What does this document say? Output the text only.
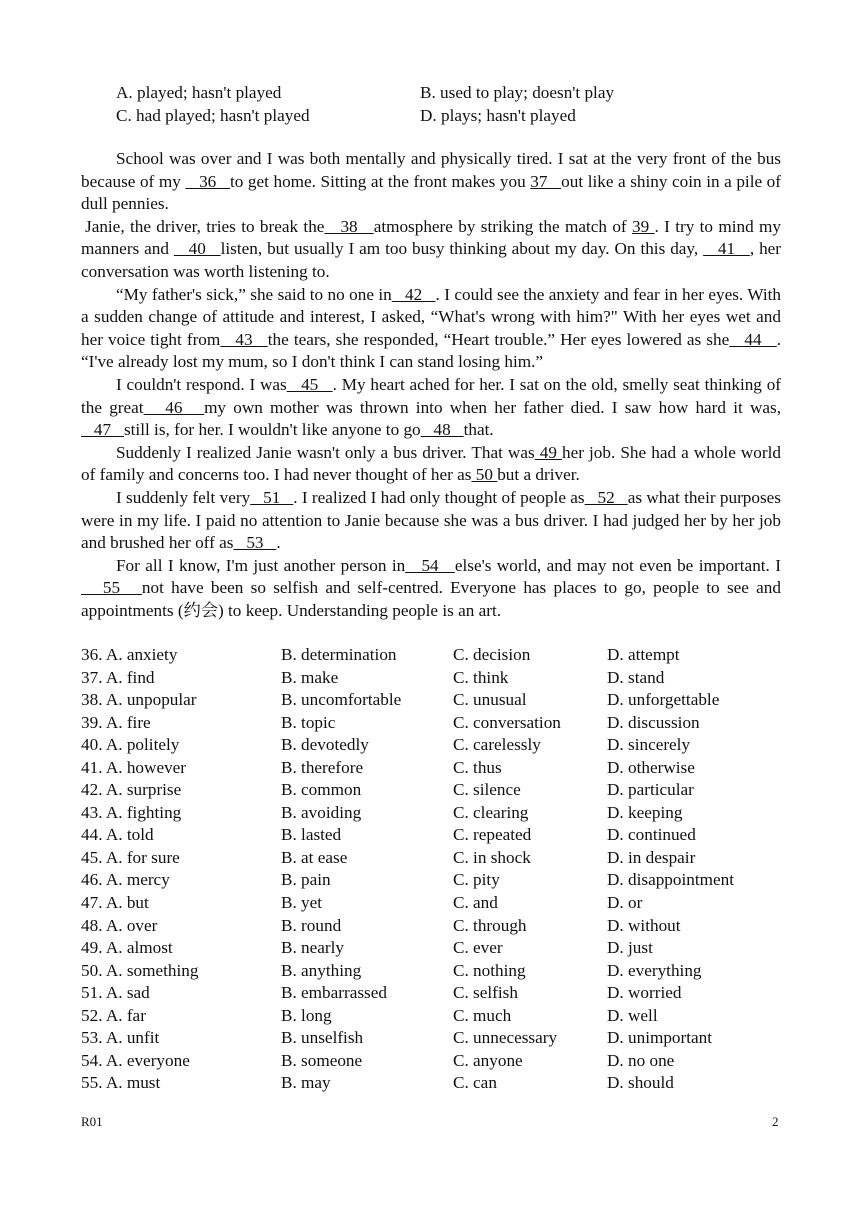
A. played; hasn't played	B. used to play; doesn't play
C. had played; hasn't played	D. plays; hasn't played

School was over and I was both mentally and physically tired. I sat at the very front of the bus because of my    36   to get home. Sitting at the front makes you 37   out like a shiny coin in a pile of dull pennies.

Janie, the driver, tries to break the   38   atmosphere by striking the match of 39 . I try to mind my manners and    40   listen, but usually I am too busy thinking about my day. On this day,    41   , her conversation was worth listening to.

“My father's sick,” she said to no one in   42   . I could see the anxiety and fear in her eyes. With a sudden change of attitude and interest, I asked, “What's wrong with him?" With her eyes wet and her voice tight from   43   the tears, she responded, “Heart trouble.” Her eyes lowered as she   44   . “I've already lost my mum, so I don't think I can stand losing him.”

I couldn't respond. I was   45   . My heart ached for her. I sat on the old, smelly seat thinking of the great   46   my own mother was thrown into when her father died. I saw how hard it was,    47   still is, for her. I wouldn't like anyone to go   48   that.

Suddenly I realized Janie wasn't only a bus driver. That was 49 her job. She had a whole world of family and concerns too. I had never thought of her as 50 but a driver.

I suddenly felt very   51   . I realized I had only thought of people as   52   as what their purposes were in my life. I paid no attention to Janie because she was a bus driver. I had judged her by her job and brushed her off as   53   .

For all I know, I'm just another person in   54   else's world, and may not even be important. I   55   not have been so selfish and self-centred. Everyone has places to go, people to see and appointments (约会) to keep. Understanding people is an art.

36. A. anxiety	B. determination	C. decision	D. attempt
37. A. find	B. make	C. think	D. stand
38. A. unpopular	B. uncomfortable	C. unusual	D. unforgettable
39. A. fire	B. topic	C. conversation	D. discussion
40. A. politely	B. devotedly	C. carelessly	D. sincerely
41. A. however	B. therefore	C. thus	D. otherwise
42. A. surprise	B. common	C. silence	D. particular
43. A. fighting	B. avoiding	C. clearing	D. keeping
44. A. told	B. lasted	C. repeated	D. continued
45. A. for sure	B. at ease	C. in shock	D. in despair
46. A. mercy	B. pain	C. pity	D. disappointment
47. A. but	B. yet	C. and	D. or
48. A. over	B. round	C. through	D. without
49. A. almost	B. nearly	C. ever	D. just
50. A. something	B. anything	C. nothing	D. everything
51. A. sad	B. embarrassed	C. selfish	D. worried
52. A. far	B. long	C. much	D. well
53. A. unfit	B. unselfish	C. unnecessary	D. unimportant
54. A. everyone	B. someone	C. anyone	D. no one
55. A. must	B. may	C. can	D. should
R01	2
